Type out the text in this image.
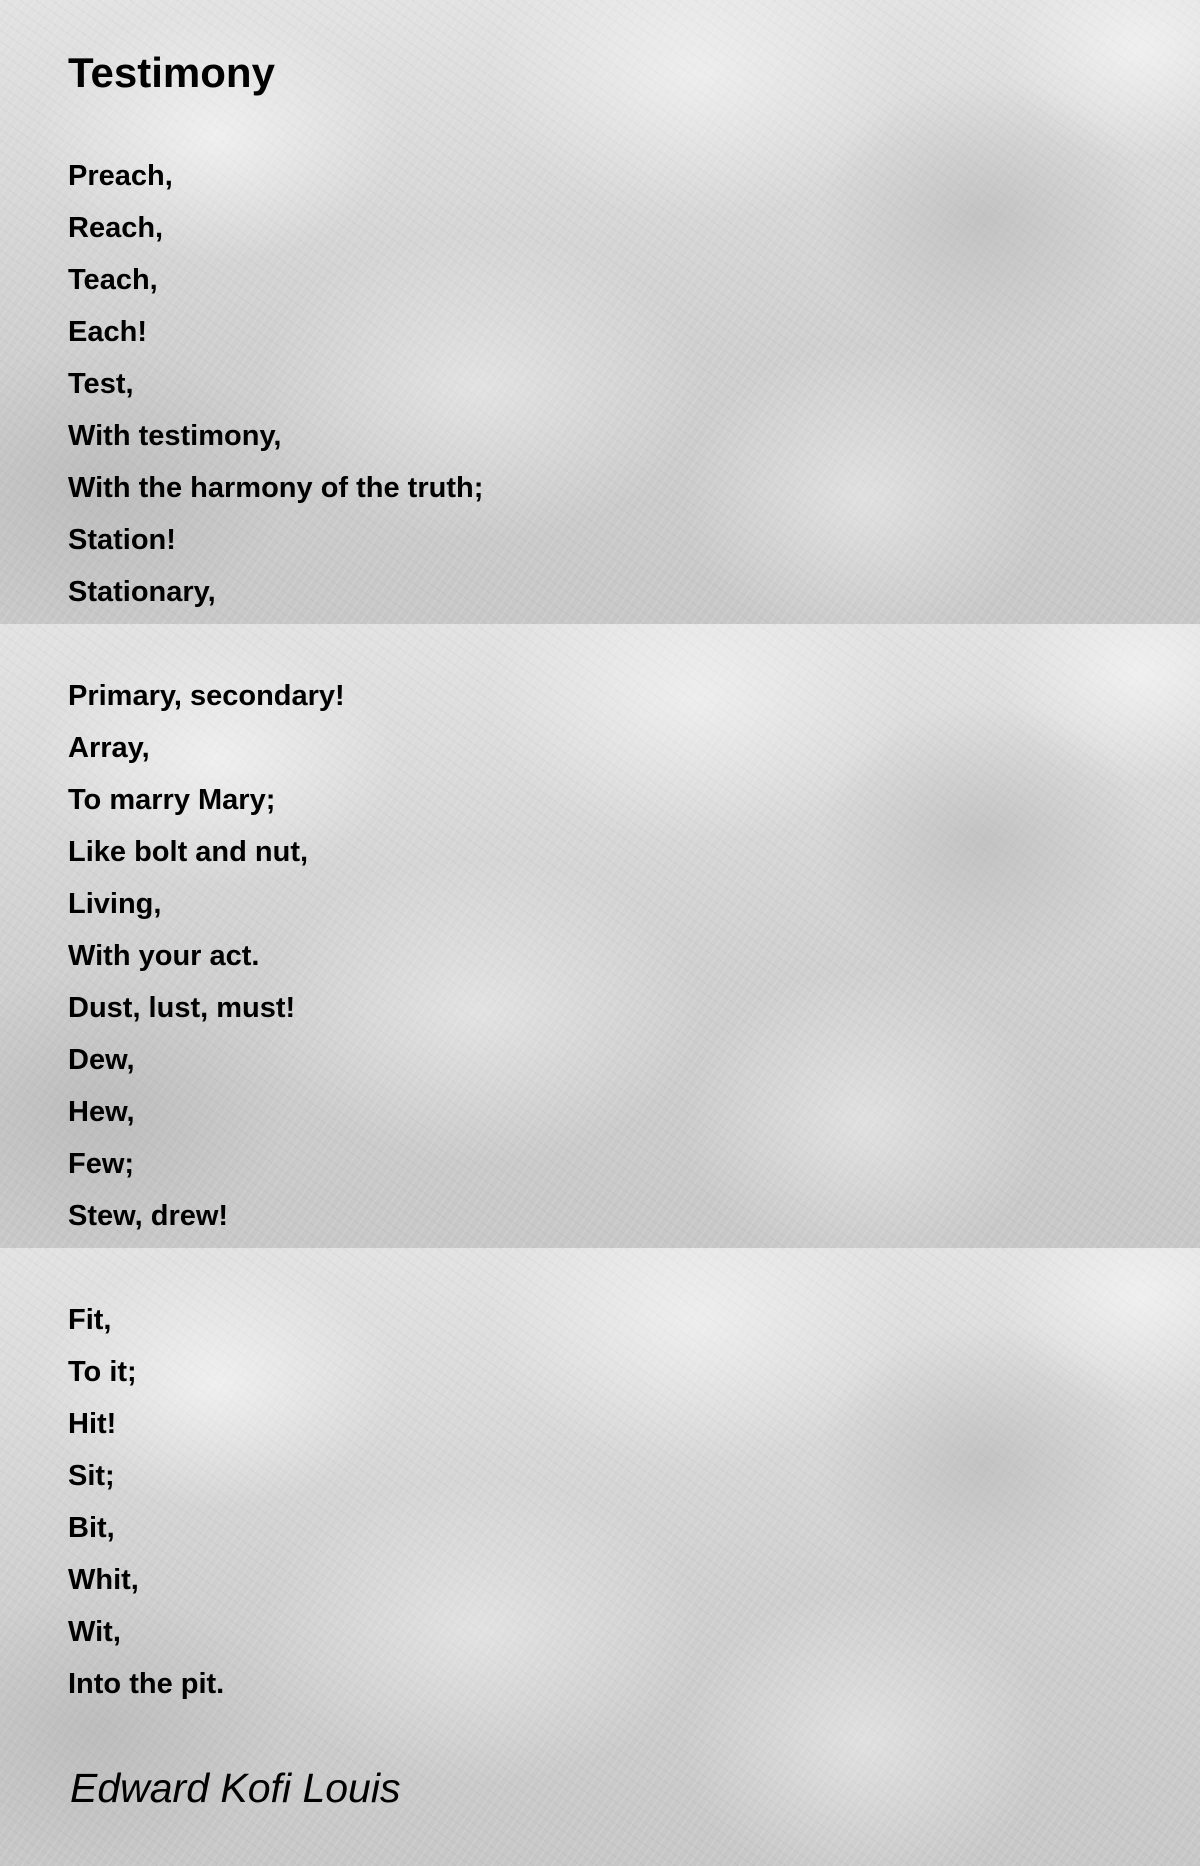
Testimony
Preach,
Reach,
Teach,
Each!
Test,
With testimony,
With the harmony of the truth;
Station!
Stationary,
Primary, secondary!
Array,
To marry Mary;
Like bolt and nut,
Living,
With your act.
Dust, lust, must!
Dew,
Hew,
Few;
Stew, drew!
Fit,
To it;
Hit!
Sit;
Bit,
Whit,
Wit,
Into the pit.

Edward Kofi Louis
